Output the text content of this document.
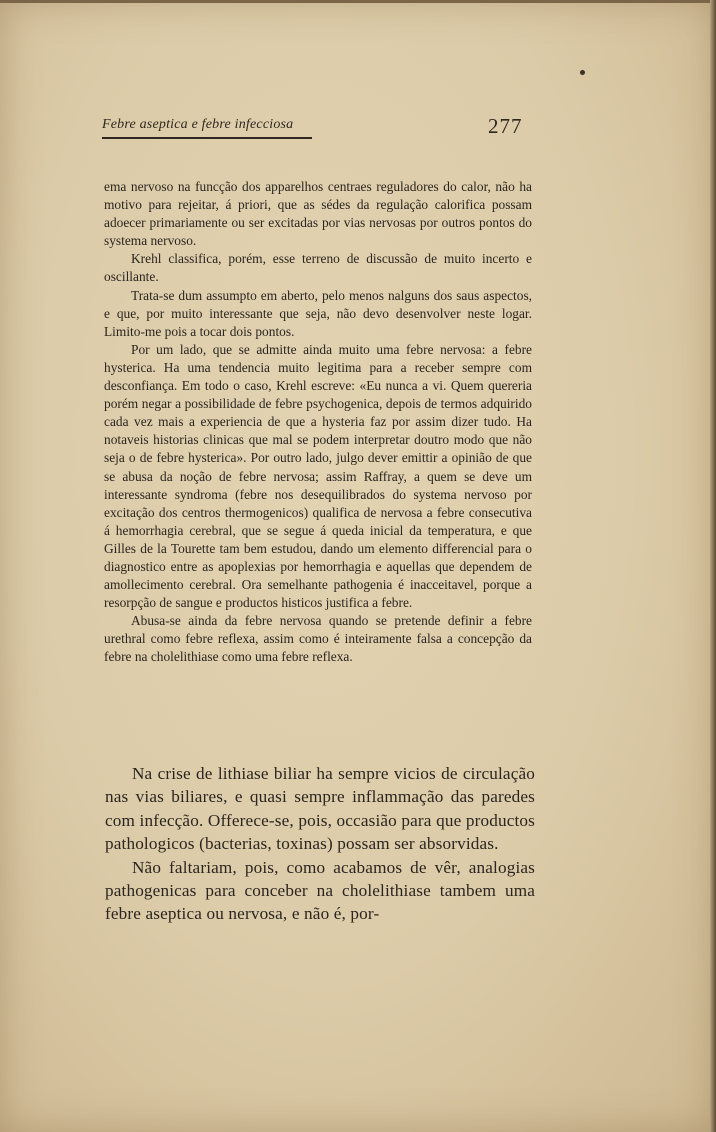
Febre aseptica e febre infecciosa	277

ema nervoso na funcção dos apparelhos centraes reguladores do calor, não ha motivo para rejeitar, á priori, que as sédes da regulação calorifica possam adoecer primariamente ou ser excitadas por vias nervosas por outros pontos do systema nervoso.

Krehl classifica, porém, esse terreno de discussão de muito incerto e oscillante.

Trata-se dum assumpto em aberto, pelo menos nalguns dos saus aspectos, e que, por muito interessante que seja, não devo desenvolver neste logar. Limito-me pois a tocar dois pontos.

Por um lado, que se admitte ainda muito uma febre nervosa: a febre hysterica. Ha uma tendencia muito legitima para a receber sempre com desconfiança. Em todo o caso, Krehl escreve: «Eu nunca a vi. Quem quereria porém negar a possibilidade de febre psychogenica, depois de termos adquirido cada vez mais a experiencia de que a hysteria faz por assim dizer tudo. Ha notaveis historias clinicas que mal se podem interpretar doutro modo que não seja o de febre hysterica». Por outro lado, julgo dever emittir a opinião de que se abusa da noção de febre nervosa; assim Raffray, a quem se deve um interessante syndroma (febre nos desequilibrados do systema nervoso por excitação dos centros thermogenicos) qualifica de nervosa a febre consecutiva á hemorrhagia cerebral, que se segue á queda inicial da temperatura, e que Gilles de la Tourette tam bem estudou, dando um elemento differencial para o diagnostico entre as apoplexias por hemorrhagia e aquellas que dependem de amollecimento cerebral. Ora semelhante pathogenia é inacceitavel, porque a resorpção de sangue e productos histicos justifica a febre.

Abusa-se ainda da febre nervosa quando se pretende definir a febre urethral como febre reflexa, assim como é inteiramente falsa a concepção da febre na cholelithiase como uma febre reflexa.

Na crise de lithiase biliar ha sempre vicios de circulação nas vias biliares, e quasi sempre inflammação das paredes com infecção. Offerece-se, pois, occasião para que productos pathologicos (bacterias, toxinas) possam ser absorvidas.

Não faltariam, pois, como acabamos de vêr, analogias pathogenicas para conceber na cholelithiase tambem uma febre aseptica ou nervosa, e não é, por-
